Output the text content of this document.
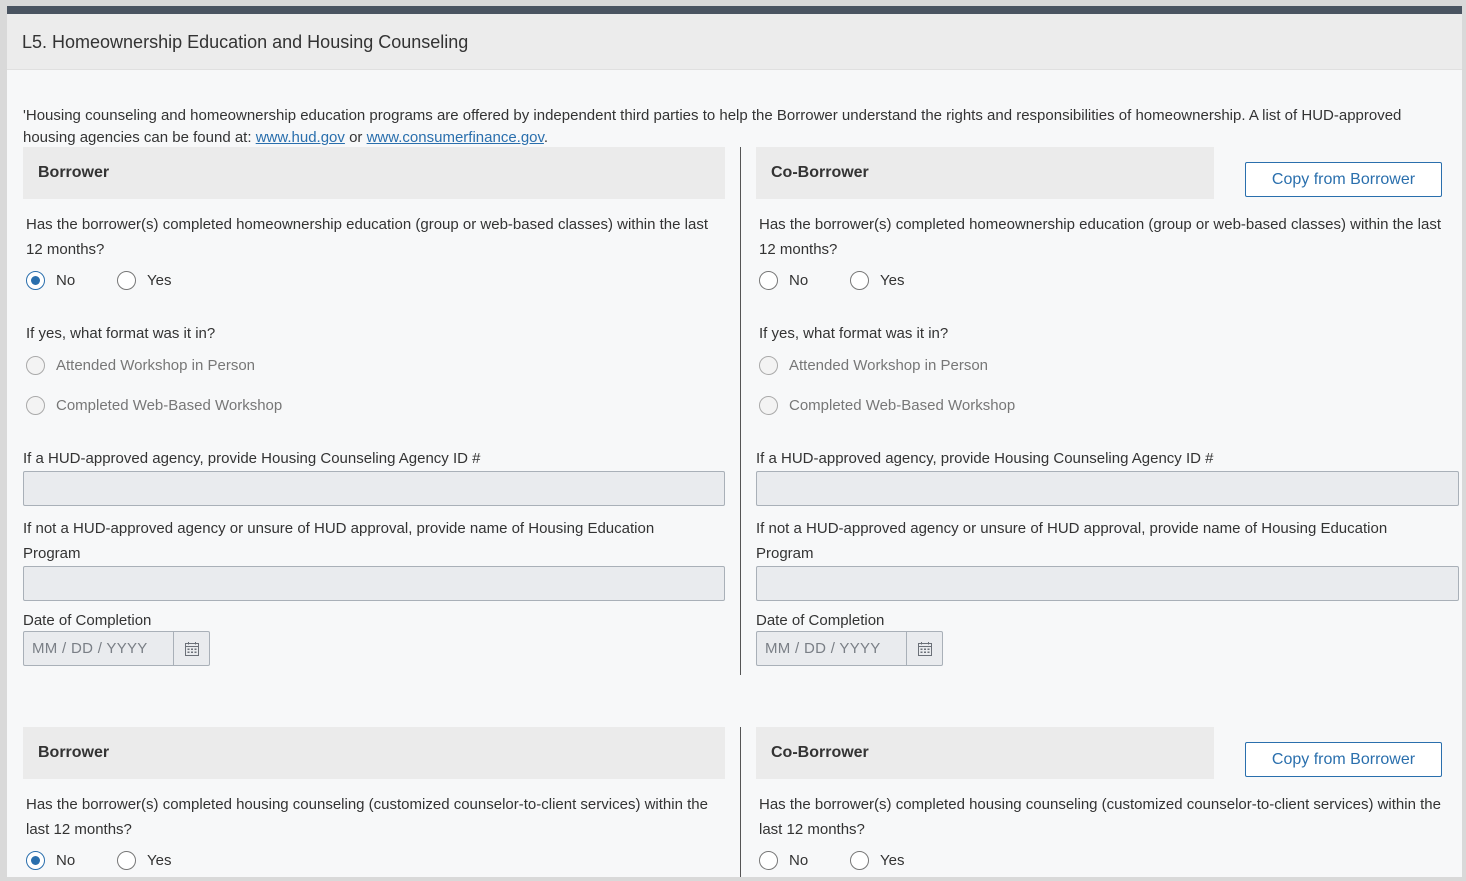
L5. Homeownership Education and Housing Counseling
'Housing counseling and homeownership education programs are offered by independent third parties to help the Borrower understand the rights and responsibilities of homeownership. A list of HUD-approved housing agencies can be found at: www.hud.gov or www.consumerfinance.gov.
Borrower
Has the borrower(s) completed homeownership education (group or web-based classes) within the last 12 months?
No	Yes
If yes, what format was it in?
Attended Workshop in Person
Completed Web-Based Workshop
If a HUD-approved agency, provide Housing Counseling Agency ID #
If not a HUD-approved agency or unsure of HUD approval, provide name of Housing Education Program
Date of Completion
MM / DD / YYYY
Co-Borrower	Copy from Borrower
Has the borrower(s) completed homeownership education (group or web-based classes) within the last 12 months?
No	Yes
If yes, what format was it in?
Attended Workshop in Person
Completed Web-Based Workshop
If a HUD-approved agency, provide Housing Counseling Agency ID #
If not a HUD-approved agency or unsure of HUD approval, provide name of Housing Education Program
Date of Completion
MM / DD / YYYY
Borrower
Has the borrower(s) completed housing counseling (customized counselor-to-client services) within the last 12 months?
No	Yes
Co-Borrower	Copy from Borrower
Has the borrower(s) completed housing counseling (customized counselor-to-client services) within the last 12 months?
No	Yes
